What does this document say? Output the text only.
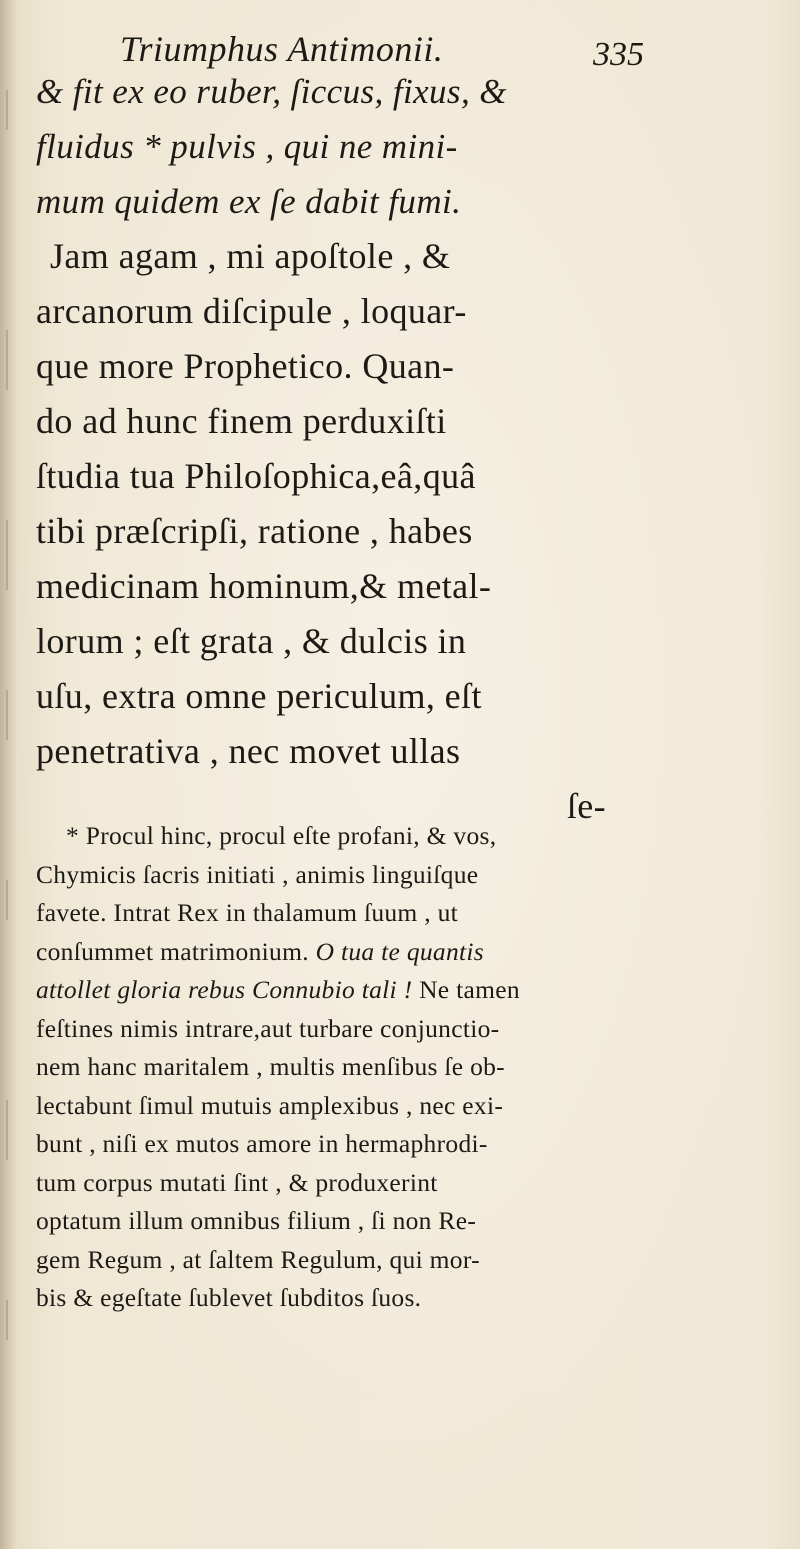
Triumphus Antimonii.	335
& fit ex eo ruber, ſiccus, fixus, &
fluidus * pulvis , qui ne mini-
mum quidem ex ſe dabit fumi.
Jam agam , mi apoſtole , &
arcanorum diſcipule , loquar-
que more Prophetico. Quan-
do ad hunc finem perduxiſti
ſtudia tua Philoſophica,eâ,quâ
tibi præſcripſi, ratione , habes
medicinam hominum,& metal-
lorum ; eſt grata , & dulcis in
uſu, extra omne periculum, eſt
penetrativa , nec movet ullas
ſe-
* Procul hinc, procul eſte profani, & vos,
Chymicis ſacris initiati , animis linguiſque
favete. Intrat Rex in thalamum ſuum , ut
conſummet matrimonium. O tua te quantis
attollet gloria rebus Connubio tali ! Ne tamen
feſtines nimis intrare,aut turbare conjunctio-
nem hanc maritalem , multis menſibus ſe ob-
lectabunt ſimul mutuis amplexibus , nec exi-
bunt , niſi ex mutos amore in hermaphrodi-
tum corpus mutati ſint , & produxerint
optatum illum omnibus filium , ſi non Re-
gem Regum , at ſaltem Regulum, qui mor-
bis & egeſtate ſublevet ſubditos ſuos.
